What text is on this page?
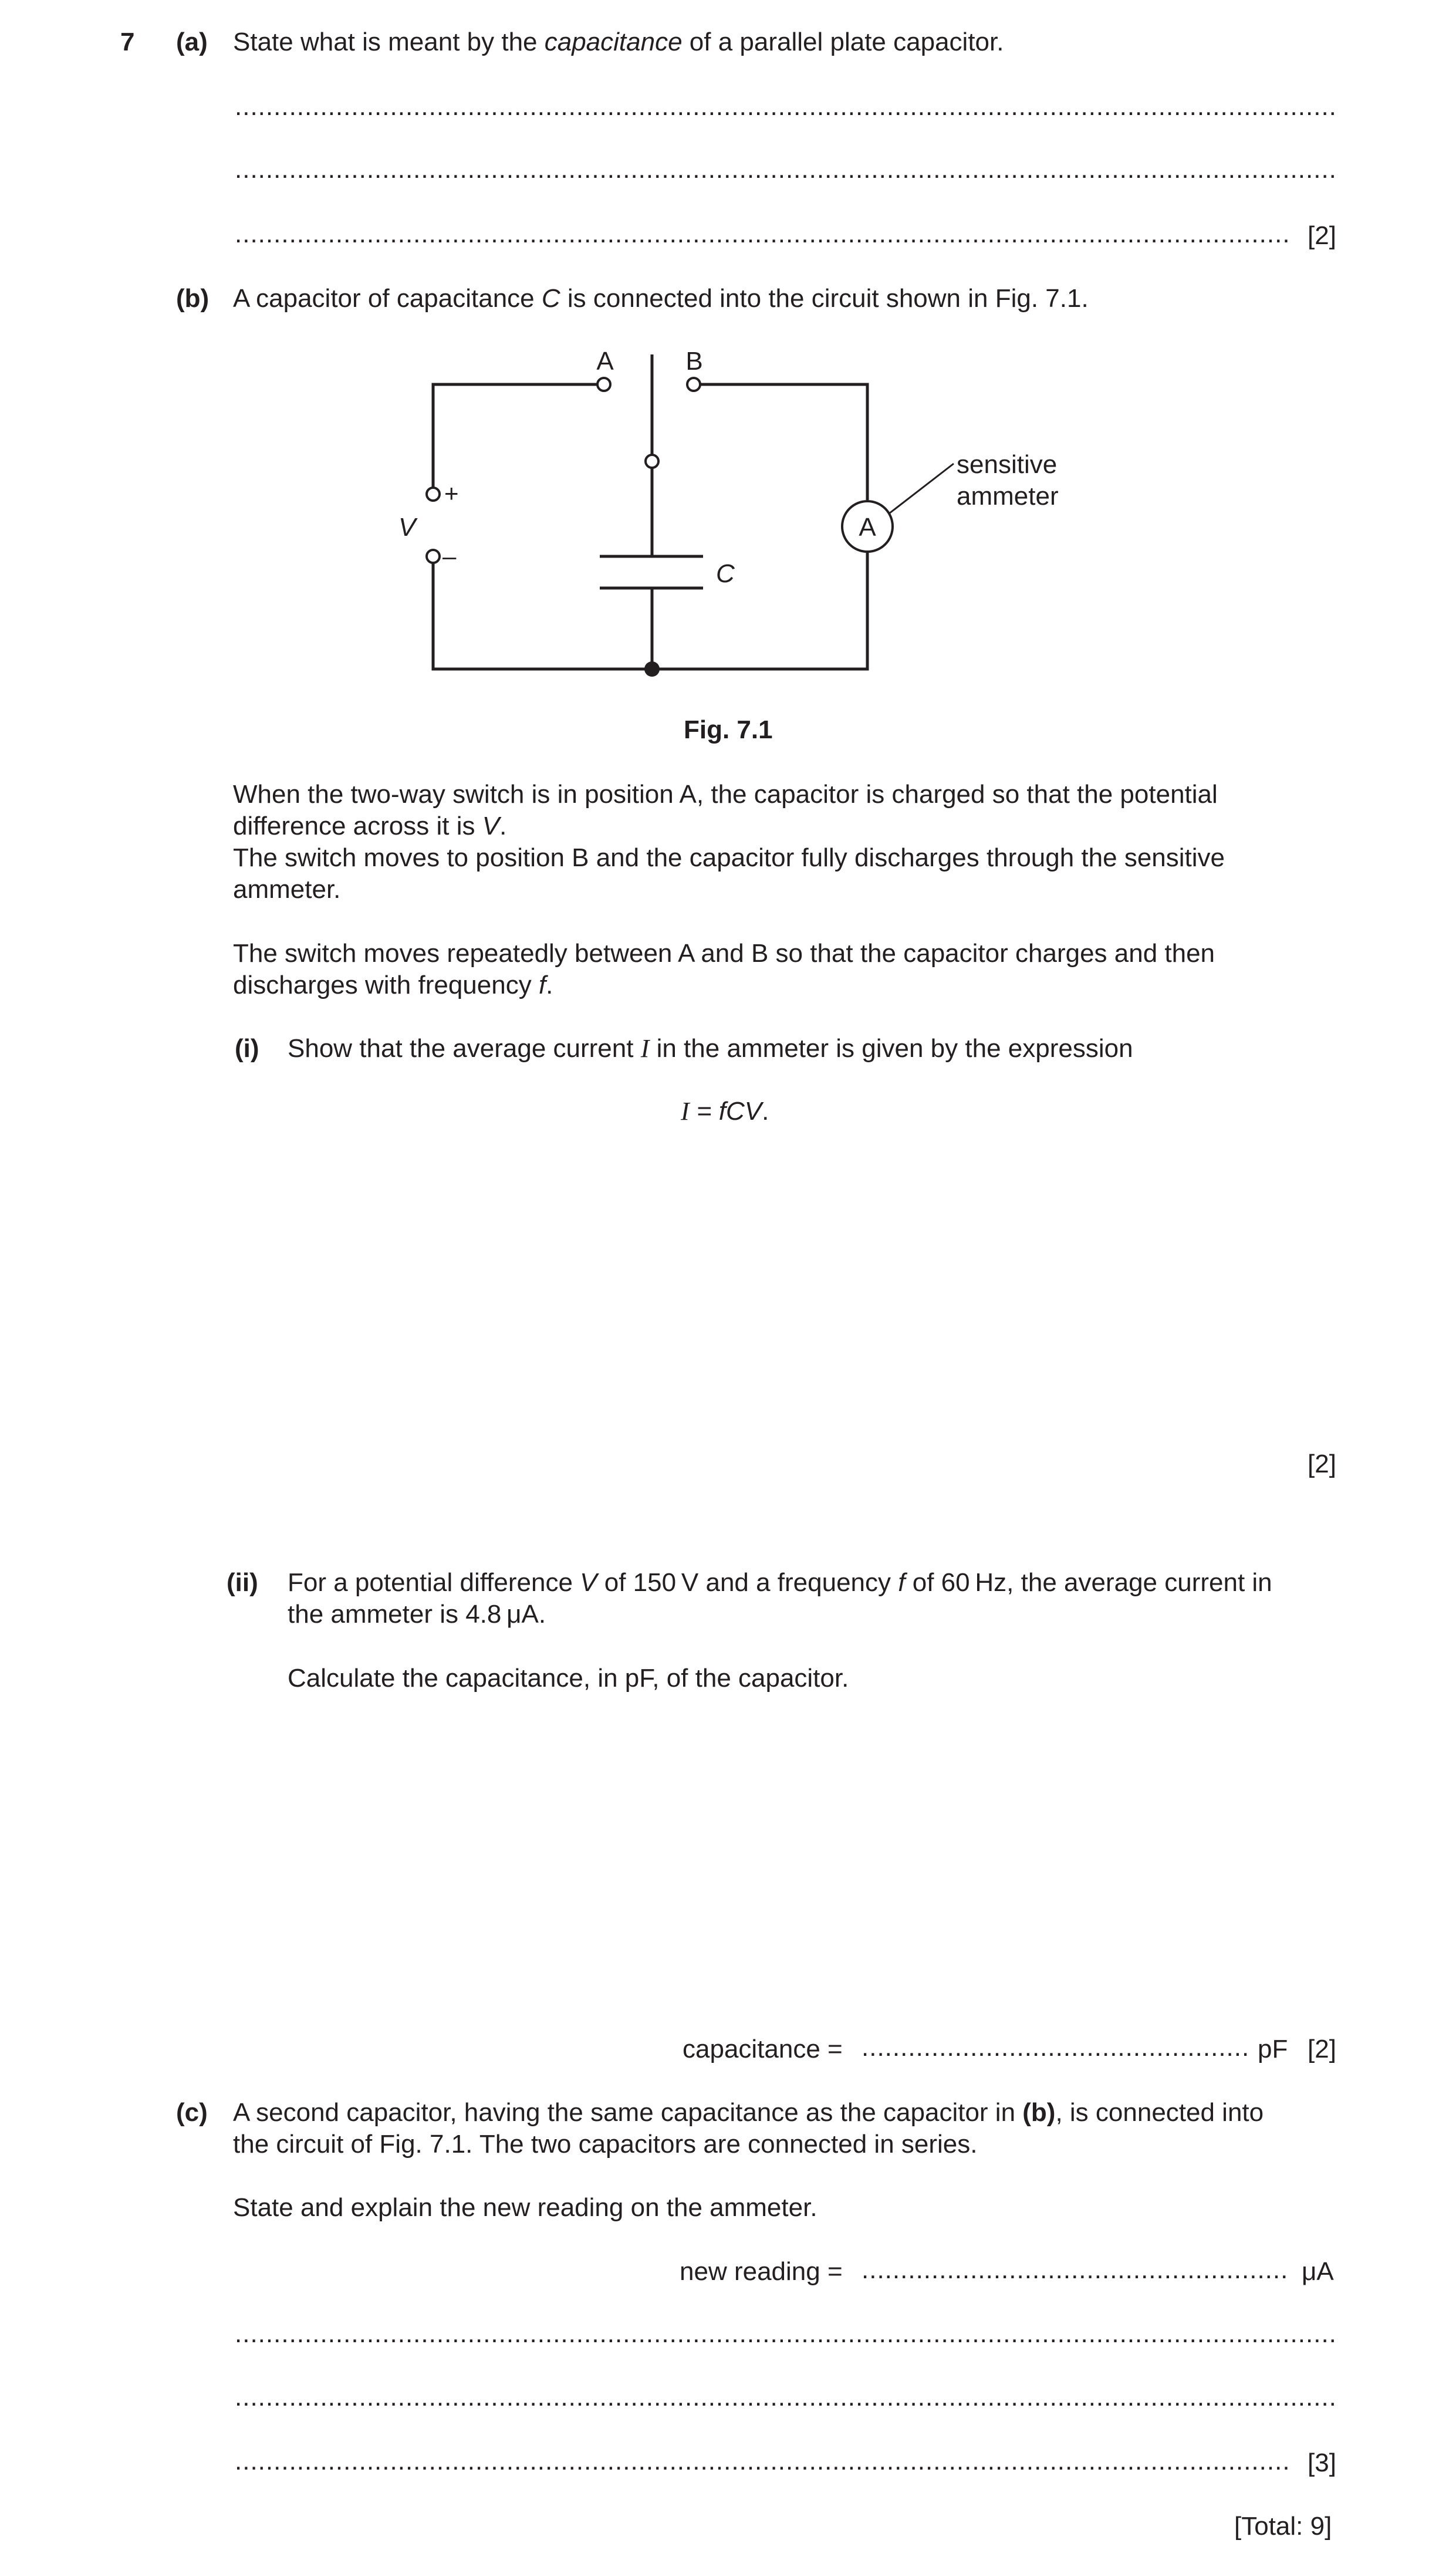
7 (a) State what is meant by the capacitance of a parallel plate capacitor.
.....
.....
.....
[2]
(b) A capacitor of capacitance C is connected into the circuit shown in Fig. 7.1.
A	B
+
–
V
C
A
sensitive
ammeter
Fig. 7.1
When the two-way switch is in position A, the capacitor is charged so that the potential
difference across it is V.
The switch moves to position B and the capacitor fully discharges through the sensitive
ammeter.
The switch moves repeatedly between A and B so that the capacitor charges and then
discharges with frequency f.
(i) Show that the average current I in the ammeter is given by the expression
I = fCV.
[2]
(ii) For a potential difference V of 150 V and a frequency f of 60 Hz, the average current in
the ammeter is 4.8 μA.
Calculate the capacitance, in pF, of the capacitor.
capacitance = .....	pF [2]
(c) A second capacitor, having the same capacitance as the capacitor in (b), is connected into
the circuit of Fig. 7.1. The two capacitors are connected in series.
State and explain the new reading on the ammeter.
new reading = .....	μA
.....
.....
.....
[3]
[Total: 9]
